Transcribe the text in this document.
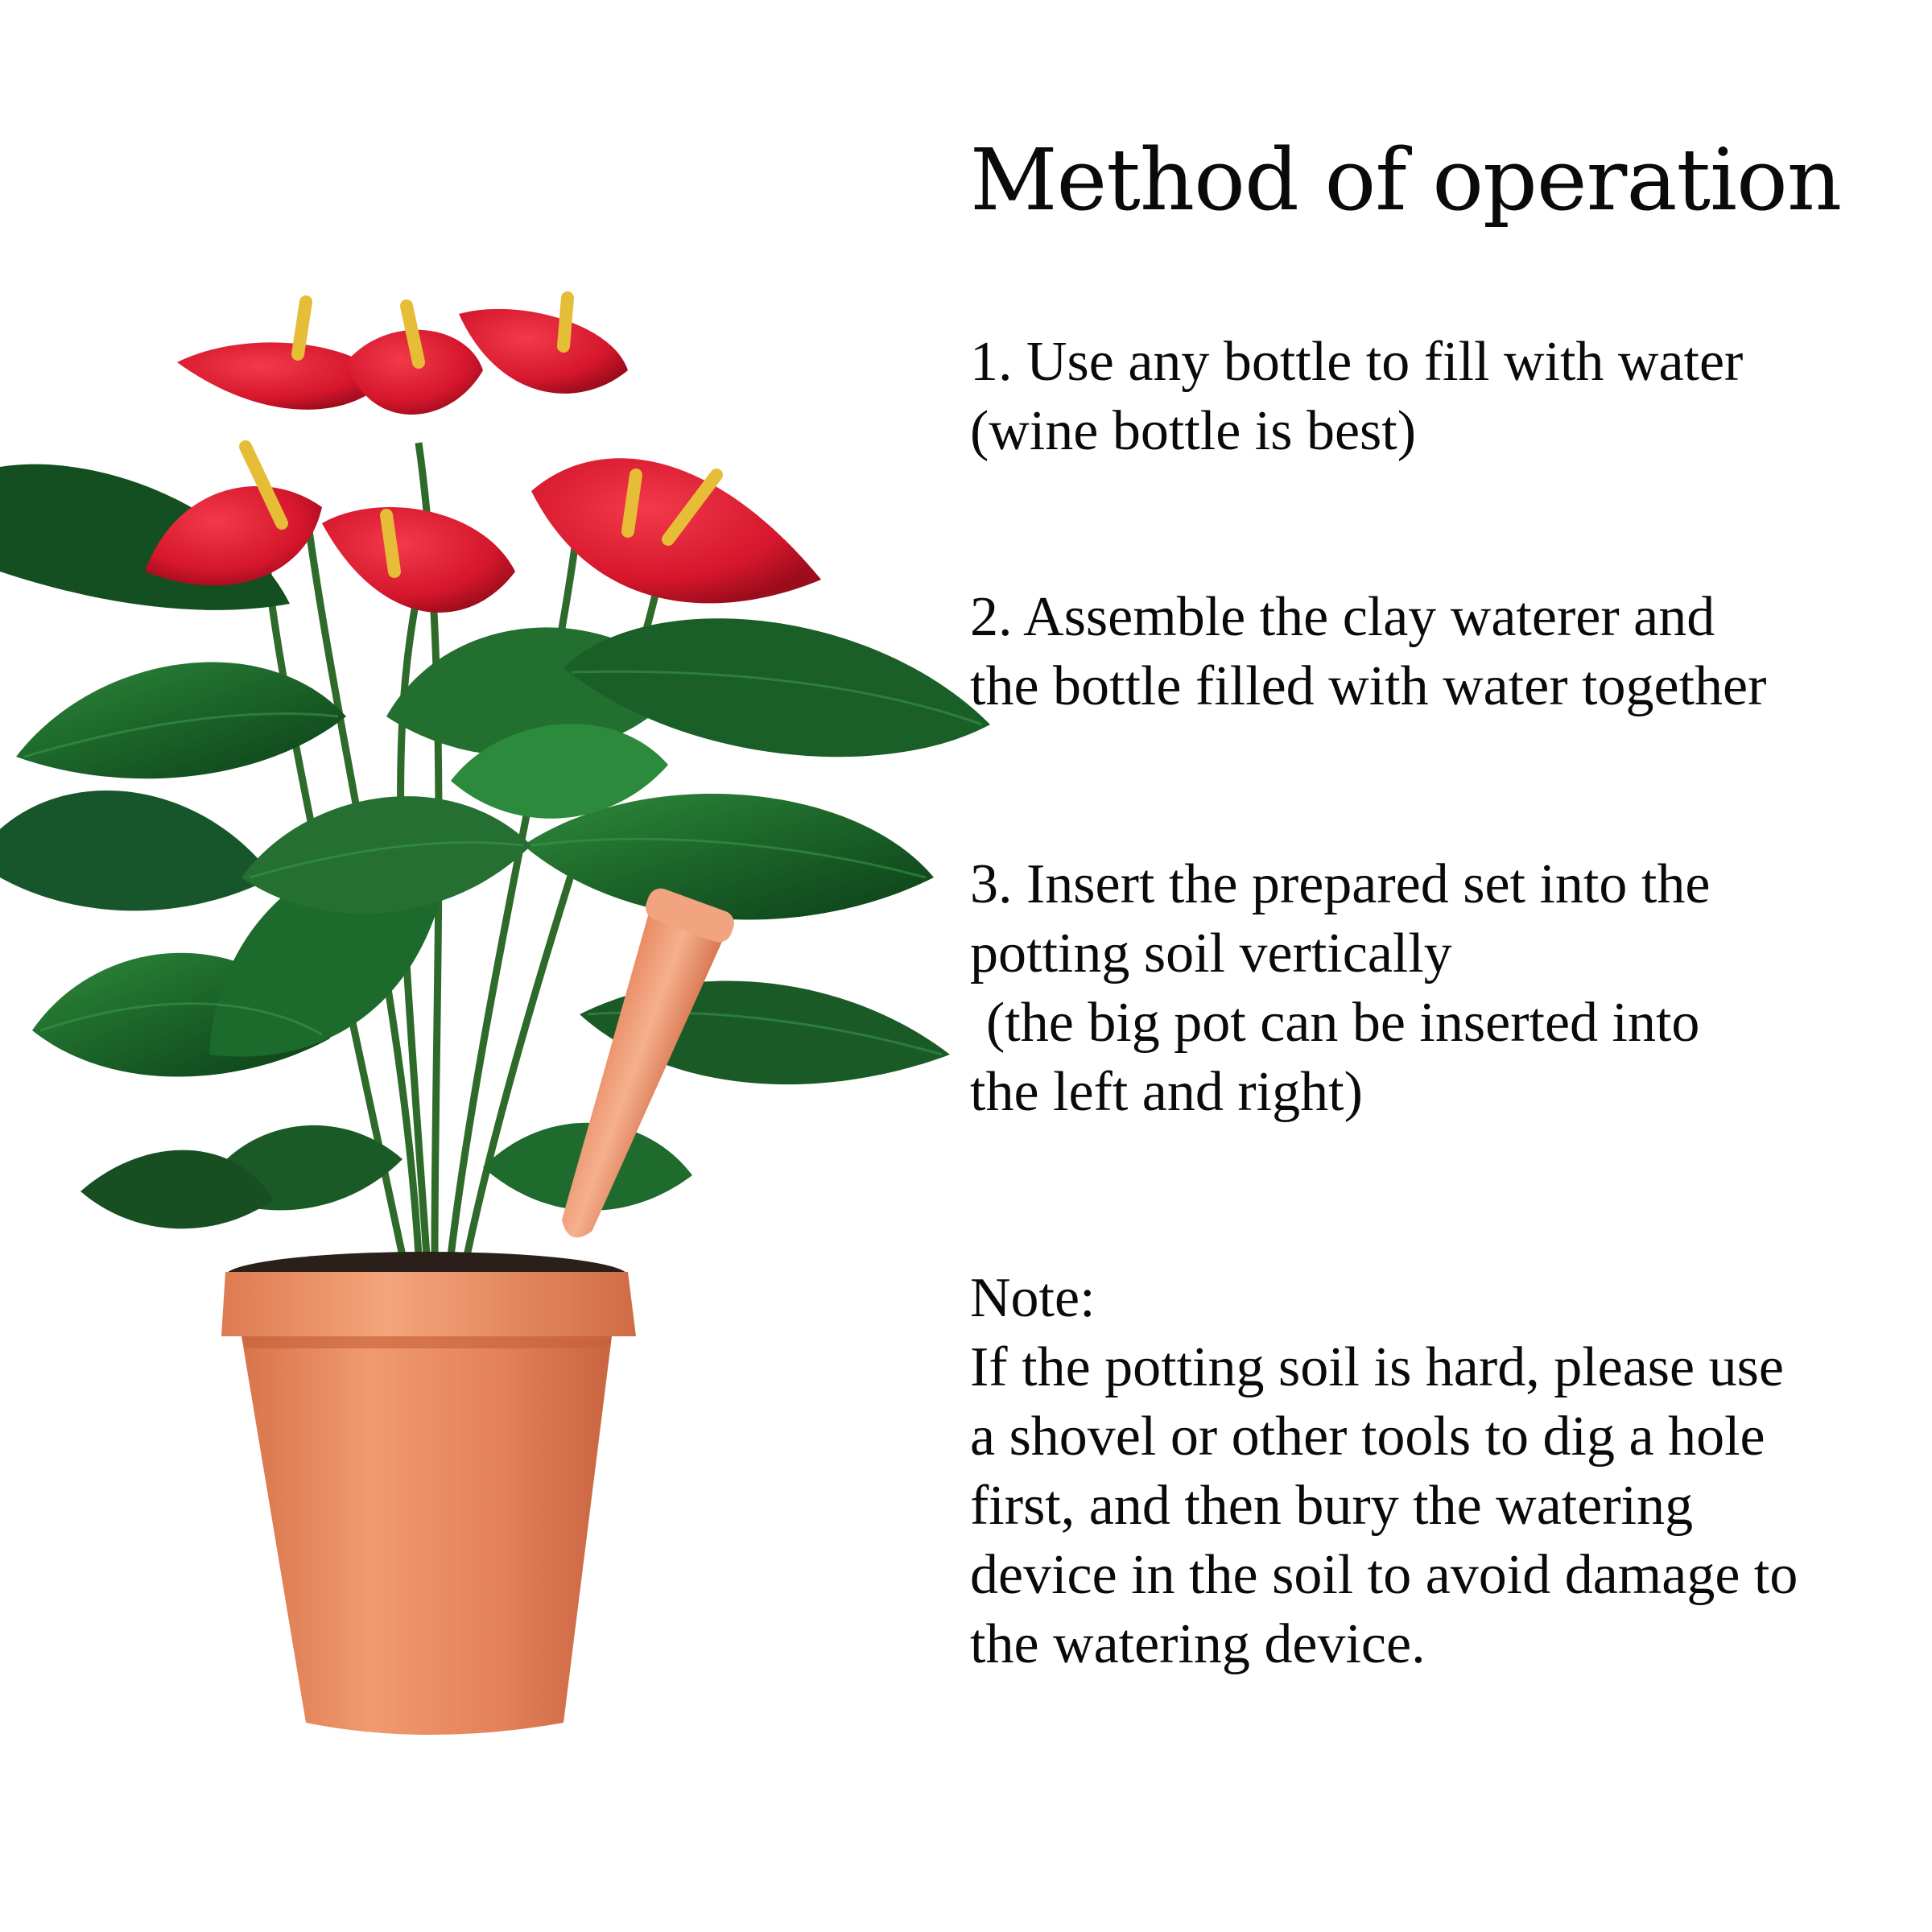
Method of operation

1. Use any bottle to fill with water
(wine bottle is best)

2. Assemble the clay waterer and
the bottle filled with water together

3. Insert the prepared set into the
potting soil vertically
(the big pot can be inserted into
the left and right)

Note:
If the potting soil is hard, please use
a shovel or other tools to dig a hole
first, and then bury the watering
device in the soil to avoid damage to
the watering device.
